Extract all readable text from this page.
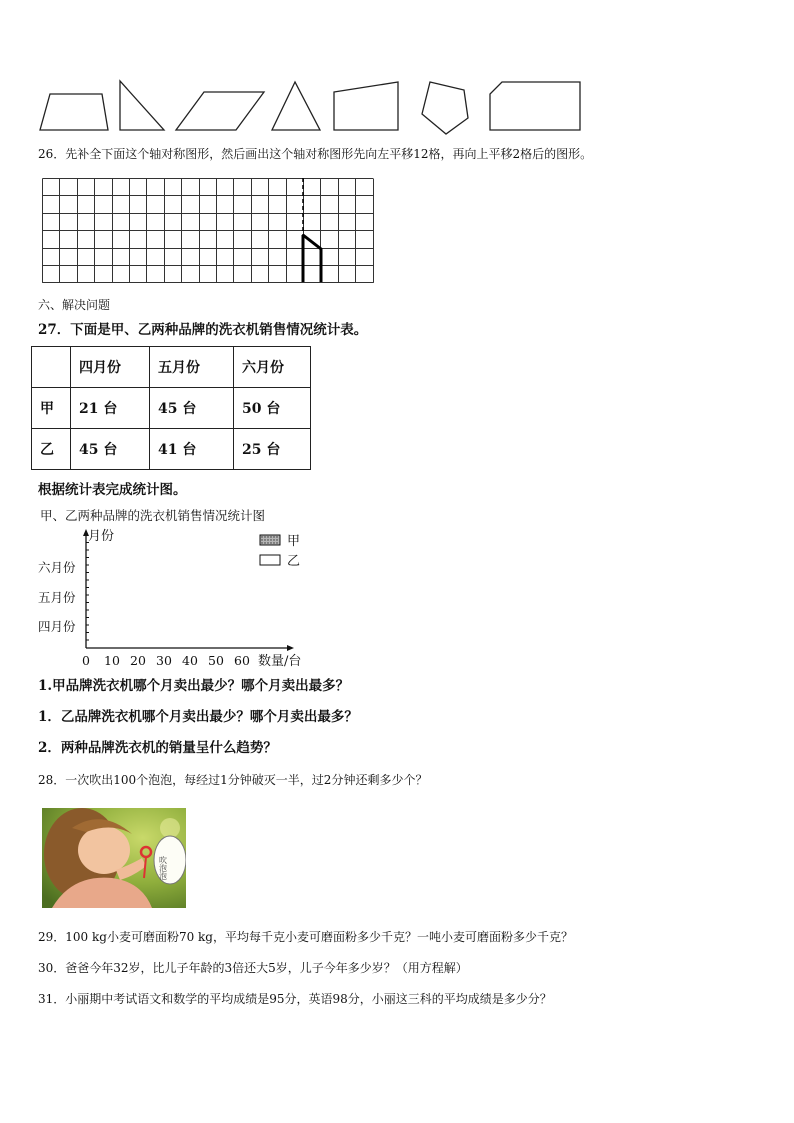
26．先补全下面这个轴对称图形，然后画出这个轴对称图形先向左平移12格，再向上平移2格后的图形。
六、解决问题
27．下面是甲、乙两种品牌的洗衣机销售情况统计表。
	四月份	五月份	六月份
甲	21 台	45 台	50 台
乙	45 台	41 台	25 台
根据统计表完成统计图。
甲、乙两种品牌的洗衣机销售情况统计图
月份
六月份
五月份
四月份
0 10 20 30 40 50 60 数量/台
甲
乙
1.甲品牌洗衣机哪个月卖出最少？哪个月卖出最多？
1．乙品牌洗衣机哪个月卖出最少？哪个月卖出最多？
2．两种品牌洗衣机的销量呈什么趋势？
28．一次吹出100个泡泡，每经过1分钟破灭一半，过2分钟还剩多少个？
吹泡泡
29．100 kg小麦可磨面粉70 kg，平均每千克小麦可磨面粉多少千克？一吨小麦可磨面粉多少千克？
30．爸爸今年32岁，比儿子年龄的3倍还大5岁，儿子今年多少岁？（用方程解）
31．小丽期中考试语文和数学的平均成绩是95分，英语98分，小丽这三科的平均成绩是多少分？
